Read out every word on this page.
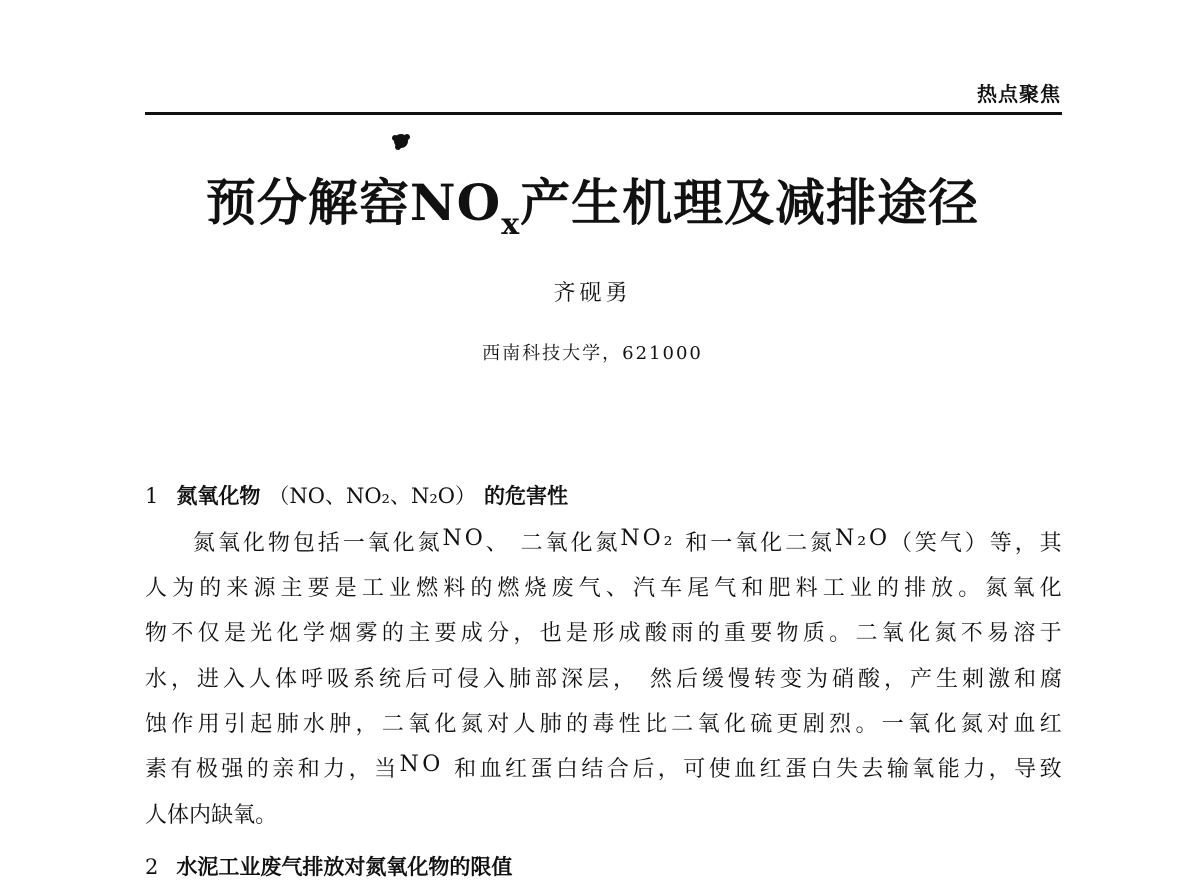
热点聚焦
预分解窑$NO_x$产生机理及减排途径
齐砚勇
西南科技大学，621000
1 氮氧化物 （NO、NO₂、N₂O） 的危害性
氮 氧 化 物 包 括 一 氧 化 氮 N O 、
二 氧 化 氮 N O ₂
和 一 氧 化 二 氮 N ₂ O （ 笑 气 ） 等 ， 其
人 为 的 来 源 主 要 是 工 业 燃 料 的 燃 烧 废 气 、 汽 车 尾 气 和 肥 料 工 业 的 排 放 。 氮 氧 化
物 不 仅 是 光 化 学 烟 雾 的 主 要 成 分 ， 也 是 形 成 酸 雨 的 重 要 物 质 。 二 氧 化 氮 不 易 溶 于
水 ， 进 入 人 体 呼 吸 系 统 后 可 侵 入 肺 部 深 层 ，
然 后 缓 慢 转 变 为 硝 酸 ， 产 生 刺 激 和 腐
蚀 作 用 引 起 肺 水 肿 ， 二 氧 化 氮 对 人 肺 的 毒 性 比 二 氧 化 硫 更 剧 烈 。 一 氧 化 氮 对 血 红
素 有 极 强 的 亲 和 力 ， 当 N O
和 血 红 蛋 白 结 合 后 ， 可 使 血 红 蛋 白 失 去 输 氧 能 力 ， 导 致
人 体 内 缺 氧 。
2 水泥工业废气排放对氮氧化物的限值
